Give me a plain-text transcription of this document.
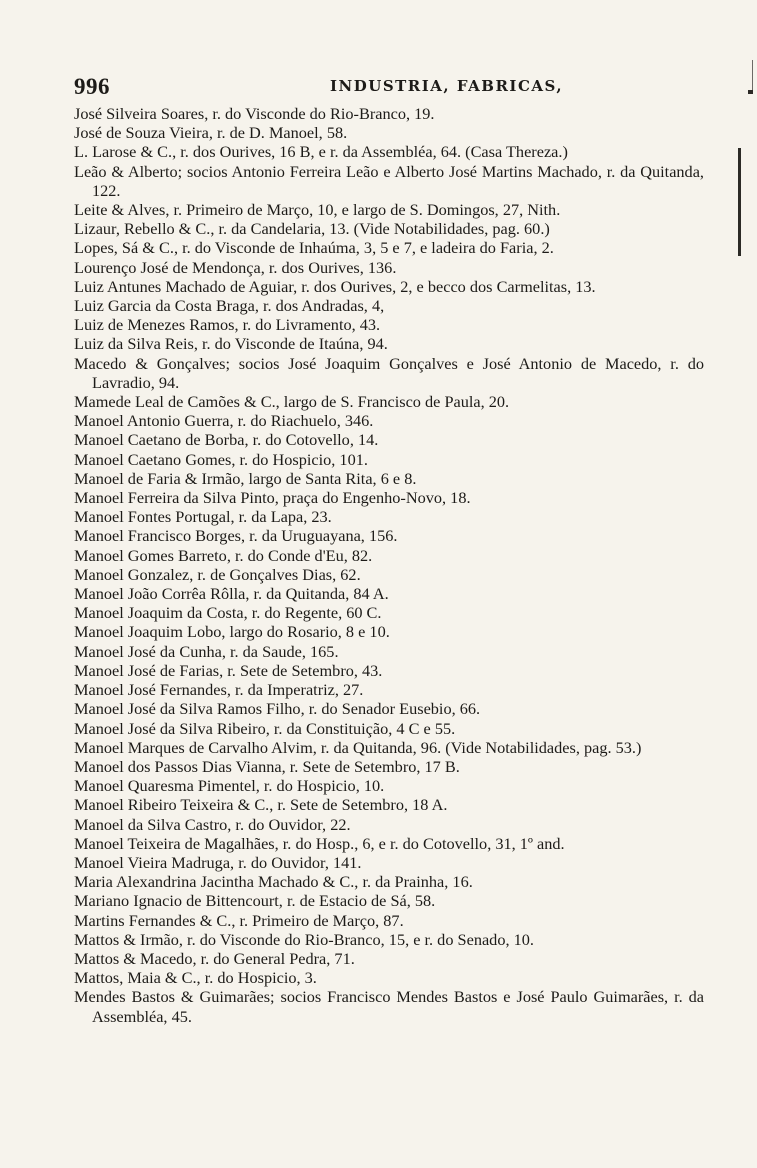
996	INDUSTRIA, FABRICAS,

José Silveira Soares, r. do Visconde do Rio-Branco, 19.

José de Souza Vieira, r. de D. Manoel, 58.

L. Larose & C., r. dos Ourives, 16 B, e r. da Assembléa, 64. (Casa Thereza.)

Leão & Alberto; socios Antonio Ferreira Leão e Alberto José Martins Machado, r. da Quitanda, 122.

Leite & Alves, r. Primeiro de Março, 10, e largo de S. Domingos, 27, Nith.

Lizaur, Rebello & C., r. da Candelaria, 13. (Vide Notabilidades, pag. 60.)

Lopes, Sá & C., r. do Visconde de Inhaúma, 3, 5 e 7, e ladeira do Faria, 2.

Lourenço José de Mendonça, r. dos Ourives, 136.

Luiz Antunes Machado de Aguiar, r. dos Ourives, 2, e becco dos Carmelitas, 13.

Luiz Garcia da Costa Braga, r. dos Andradas, 4,

Luiz de Menezes Ramos, r. do Livramento, 43.

Luiz da Silva Reis, r. do Visconde de Itaúna, 94.

Macedo & Gonçalves; socios José Joaquim Gonçalves e José Antonio de Macedo, r. do Lavradio, 94.

Mamede Leal de Camões & C., largo de S. Francisco de Paula, 20.

Manoel Antonio Guerra, r. do Riachuelo, 346.

Manoel Caetano de Borba, r. do Cotovello, 14.

Manoel Caetano Gomes, r. do Hospicio, 101.

Manoel de Faria & Irmão, largo de Santa Rita, 6 e 8.

Manoel Ferreira da Silva Pinto, praça do Engenho-Novo, 18.

Manoel Fontes Portugal, r. da Lapa, 23.

Manoel Francisco Borges, r. da Uruguayana, 156.

Manoel Gomes Barreto, r. do Conde d'Eu, 82.

Manoel Gonzalez, r. de Gonçalves Dias, 62.

Manoel João Corrêa Rôlla, r. da Quitanda, 84 A.

Manoel Joaquim da Costa, r. do Regente, 60 C.

Manoel Joaquim Lobo, largo do Rosario, 8 e 10.

Manoel José da Cunha, r. da Saude, 165.

Manoel José de Farias, r. Sete de Setembro, 43.

Manoel José Fernandes, r. da Imperatriz, 27.

Manoel José da Silva Ramos Filho, r. do Senador Eusebio, 66.

Manoel José da Silva Ribeiro, r. da Constituição, 4 C e 55.

Manoel Marques de Carvalho Alvim, r. da Quitanda, 96. (Vide Notabilidades, pag. 53.)

Manoel dos Passos Dias Vianna, r. Sete de Setembro, 17 B.

Manoel Quaresma Pimentel, r. do Hospicio, 10.

Manoel Ribeiro Teixeira & C., r. Sete de Setembro, 18 A.

Manoel da Silva Castro, r. do Ouvidor, 22.

Manoel Teixeira de Magalhães, r. do Hosp., 6, e r. do Cotovello, 31, 1º and.

Manoel Vieira Madruga, r. do Ouvidor, 141.

Maria Alexandrina Jacintha Machado & C., r. da Prainha, 16.

Mariano Ignacio de Bittencourt, r. de Estacio de Sá, 58.

Martins Fernandes & C., r. Primeiro de Março, 87.

Mattos & Irmão, r. do Visconde do Rio-Branco, 15, e r. do Senado, 10.

Mattos & Macedo, r. do General Pedra, 71.

Mattos, Maia & C., r. do Hospicio, 3.

Mendes Bastos & Guimarães; socios Francisco Mendes Bastos e José Paulo Guimarães, r. da Assembléa, 45.
